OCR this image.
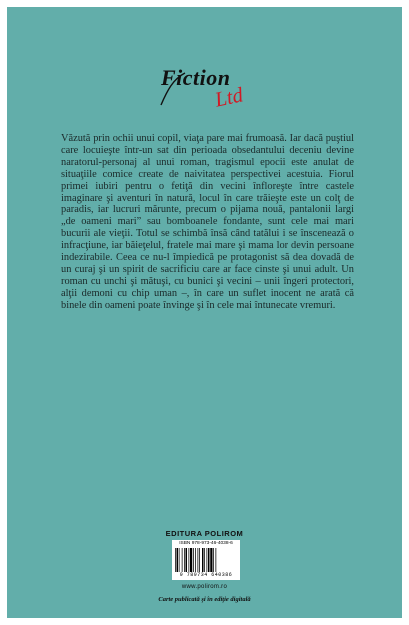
Fiction
Ltd

Văzută prin ochii unui copil, viaţa pare mai frumoasă. Iar dacă puştiul care locuieşte într-un sat din perioada obsedantului deceniu devine naratorul-personaj al unui roman, tragismul epocii este anulat de situaţiile comice create de naivitatea perspectivei acestuia. Fiorul primei iubiri pentru o fetiţă din vecini înfloreşte între castele imaginare şi aventuri în natură, locul în care trăieşte este un colţ de paradis, iar lucruri mărunte, precum o pijama nouă, pantalonii largi „de oameni mari” sau bomboanele fondante, sunt cele mai mari bucurii ale vieţii. Totul se schimbă însă când tatălui i se înscenează o infracţiune, iar băieţelul, fratele mai mare şi mama lor devin persoane indezirabile. Ceea ce nu-l împiedică pe protagonist să dea dovadă de un curaj şi un spirit de sacrificiu care ar face cinste şi unui adult. Un roman cu unchi şi mătuşi, cu bunici şi vecini – unii îngeri protectori, alţii demoni cu chip uman –, în care un suflet inocent ne arată că binele din oameni poate învinge şi în cele mai întunecate vremuri.

EDITURA POLIROM
ISBN 978-973-46-4038-6
9 789734 640386
www.polirom.ro
Carte publicată şi în ediţie digitală
